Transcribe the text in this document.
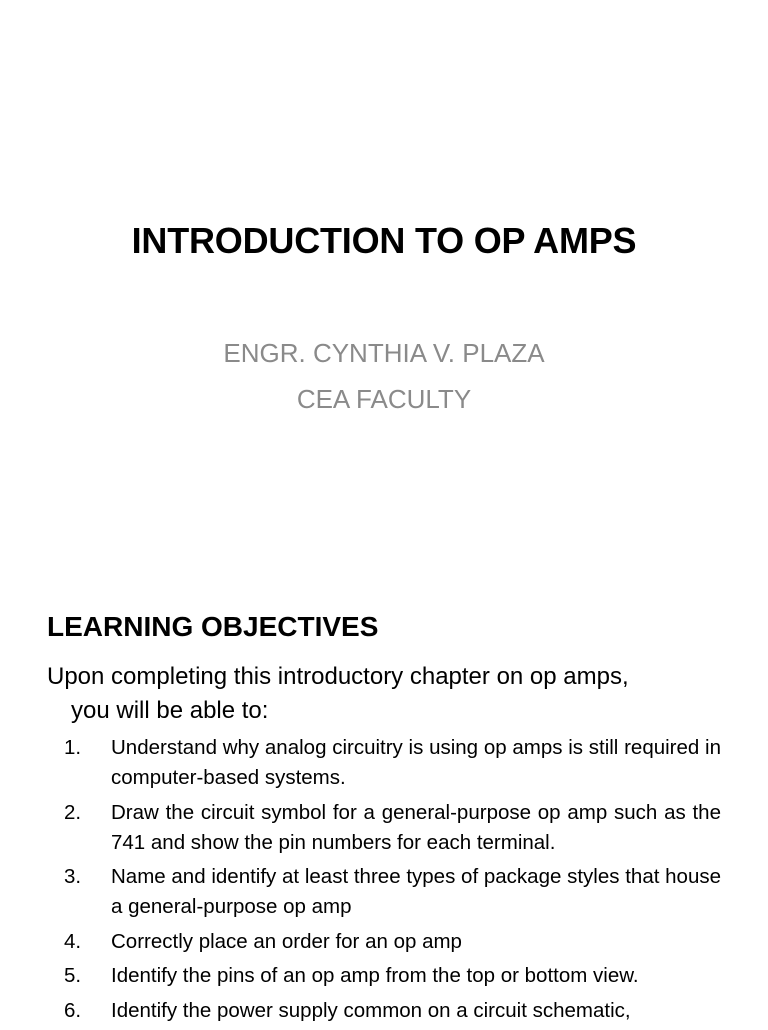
INTRODUCTION TO OP AMPS

ENGR. CYNTHIA V. PLAZA

CEA FACULTY

LEARNING OBJECTIVES

Upon completing this introductory chapter on op amps,
you will be able to:

1. Understand why analog circuitry is using op amps is still required in computer-based systems.
2. Draw the circuit symbol for a general-purpose op amp such as the 741 and show the pin numbers for each terminal.
3. Name and identify at least three types of package styles that house a general-purpose op amp
4. Correctly place an order for an op amp
5. Identify the pins of an op amp from the top or bottom view.
6. Identify the power supply common on a circuit schematic,
